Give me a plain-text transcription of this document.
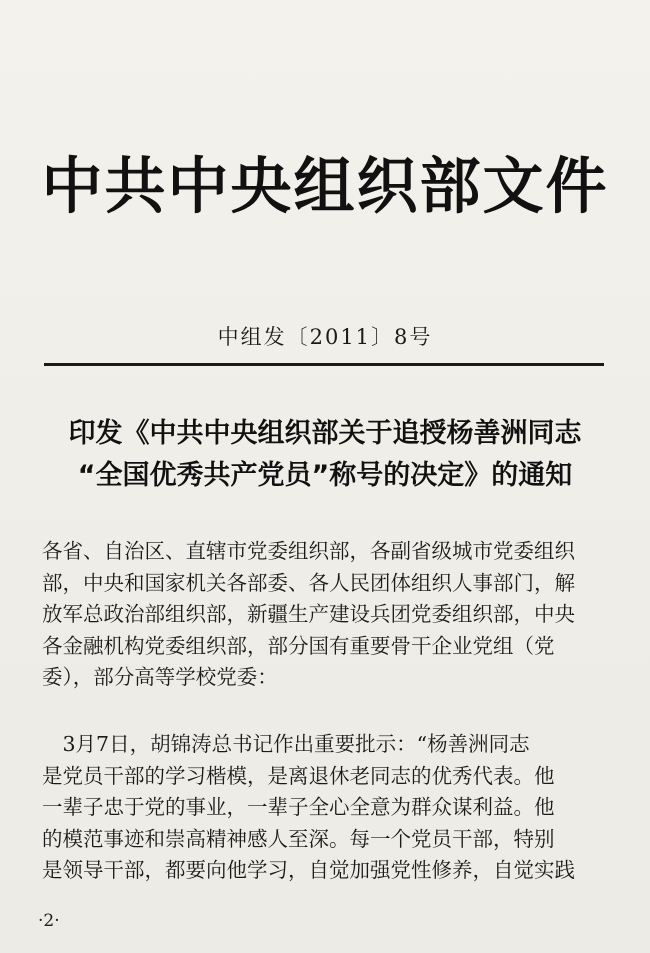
中共中央组织部文件
中组发〔2011〕8号
印发《中共中央组织部关于追授杨善洲同志
“全国优秀共产党员”称号的决定》的通知
各省、自治区、直辖市党委组织部，各副省级城市党委组织
部，中央和国家机关各部委、各人民团体组织人事部门，解
放军总政治部组织部，新疆生产建设兵团党委组织部，中央
各金融机构党委组织部，部分国有重要骨干企业党组（党
委），部分高等学校党委：
　3月7日，胡锦涛总书记作出重要批示：“杨善洲同志
是党员干部的学习楷模，是离退休老同志的优秀代表。他
一辈子忠于党的事业，一辈子全心全意为群众谋利益。他
的模范事迹和崇高精神感人至深。每一个党员干部，特别
是领导干部，都要向他学习，自觉加强党性修养，自觉实践
·2·
